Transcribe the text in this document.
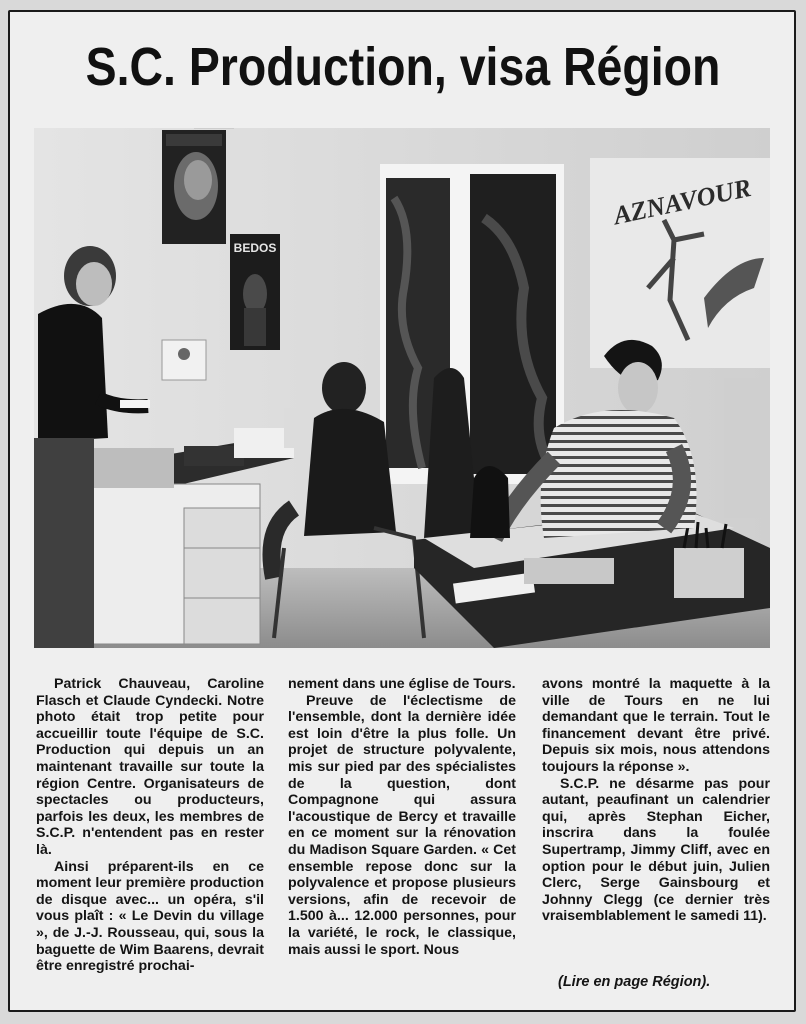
S.C. Production, visa Région
BEDOS
AZNAVOUR

Patrick Chauveau, Caroline Flasch et Claude Cyndecki. Notre photo était trop petite pour accueillir toute l'équipe de S.C. Production qui depuis un an maintenant travaille sur toute la région Centre. Organisateurs de spectacles ou producteurs, parfois les deux, les membres de S.C.P. n'entendent pas en rester là.

Ainsi préparent-ils en ce moment leur première production de disque avec... un opéra, s'il vous plaît : « Le Devin du village », de J.-J. Rousseau, qui, sous la baguette de Wim Baarens, devrait être enregistré prochai-

nement dans une église de Tours.

Preuve de l'éclectisme de l'ensemble, dont la dernière idée est loin d'être la plus folle. Un projet de structure polyvalente, mis sur pied par des spécialistes de la question, dont Compagnone qui assura l'acoustique de Bercy et travaille en ce moment sur la rénovation du Madison Square Garden. « Cet ensemble repose donc sur la polyvalence et propose plusieurs versions, afin de recevoir de 1.500 à... 12.000 personnes, pour la variété, le rock, le classique, mais aussi le sport. Nous

avons montré la maquette à la ville de Tours en ne lui demandant que le terrain. Tout le financement devant être privé. Depuis six mois, nous attendons toujours la réponse ».

S.C.P. ne désarme pas pour autant, peaufinant un calendrier qui, après Stephan Eicher, inscrira dans la foulée Supertramp, Jimmy Cliff, avec en option pour le début juin, Julien Clerc, Serge Gainsbourg et Johnny Clegg (ce dernier très vraisemblablement le samedi 11).

(Lire en page Région).
